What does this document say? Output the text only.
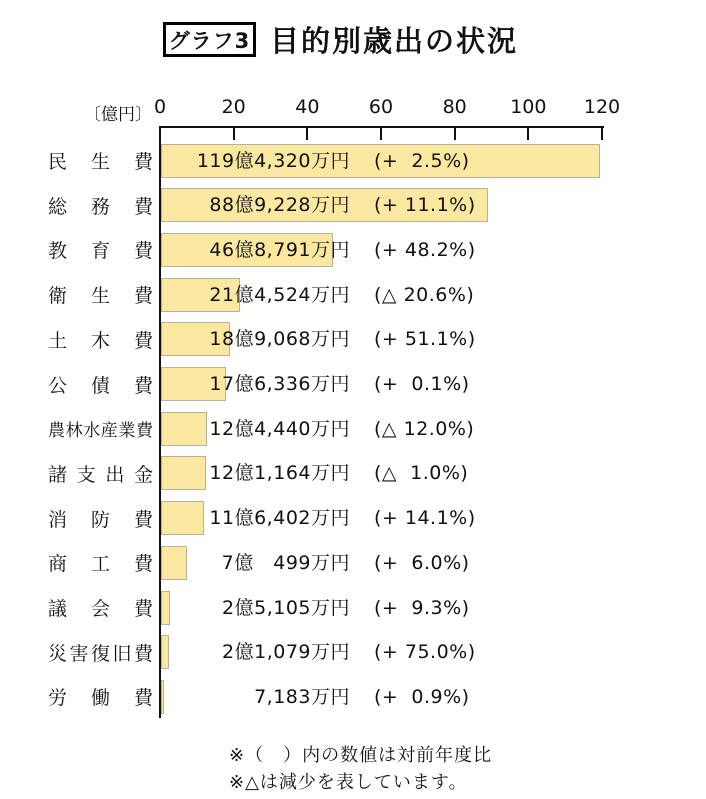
グラフ3 目的別歳出の状況
〔億円〕 0	20	40	60	80	100	120
民 生 費	119億4,320万円 (+  2.5%)
総 務 費	88億9,228万円 (+ 11.1%)
教 育 費	46億8,791万円 (+ 48.2%)
衛 生 費	21億4,524万円 (△ 20.6%)
土 木 費	18億9,068万円 (+ 51.1%)
公 債 費	17億6,336万円 (+  0.1%)
農 林 水 産 業 費	12億4,440万円 (△ 12.0%)
諸 支 出 金	12億1,164万円 (△  1.0%)
消 防 費	11億6,402万円 (+ 14.1%)
商 工 費	7億　499万円 (+  6.0%)
議 会 費	2億5,105万円 (+  9.3%)
災 害 復 旧 費	2億1,079万円 (+ 75.0%)
労 働 費	7,183万円 (+  0.9%)
※（　）内の数値は対前年度比
※△は減少を表しています。
